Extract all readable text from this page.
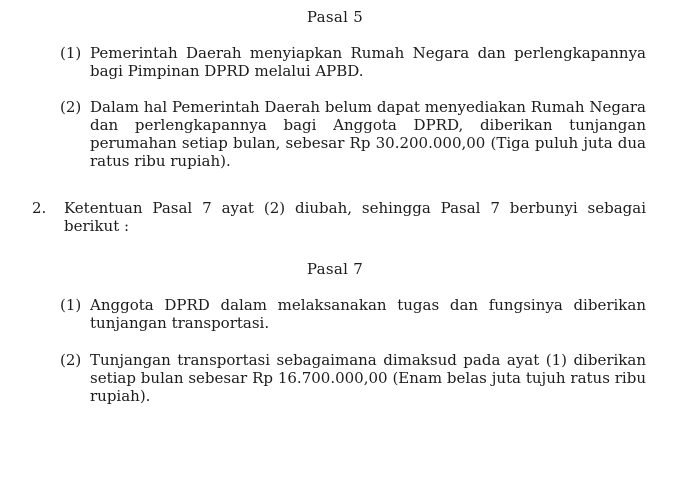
Pasal 5
(1) Pemerintah Daerah menyiapkan Rumah Negara dan perlengkapannya bagi Pimpinan DPRD melalui APBD.
(2) Dalam hal Pemerintah Daerah belum dapat menyediakan Rumah Negara dan perlengkapannya bagi Anggota DPRD, diberikan tunjangan perumahan setiap bulan, sebesar Rp 30.200.000,00 (Tiga puluh juta dua ratus ribu rupiah).
2. Ketentuan Pasal 7 ayat (2) diubah, sehingga Pasal 7 berbunyi sebagai berikut :
Pasal 7
(1) Anggota DPRD dalam melaksanakan tugas dan fungsinya diberikan tunjangan transportasi.
(2) Tunjangan transportasi sebagaimana dimaksud pada ayat (1) diberikan setiap bulan sebesar Rp 16.700.000,00 (Enam belas juta tujuh ratus ribu rupiah).
